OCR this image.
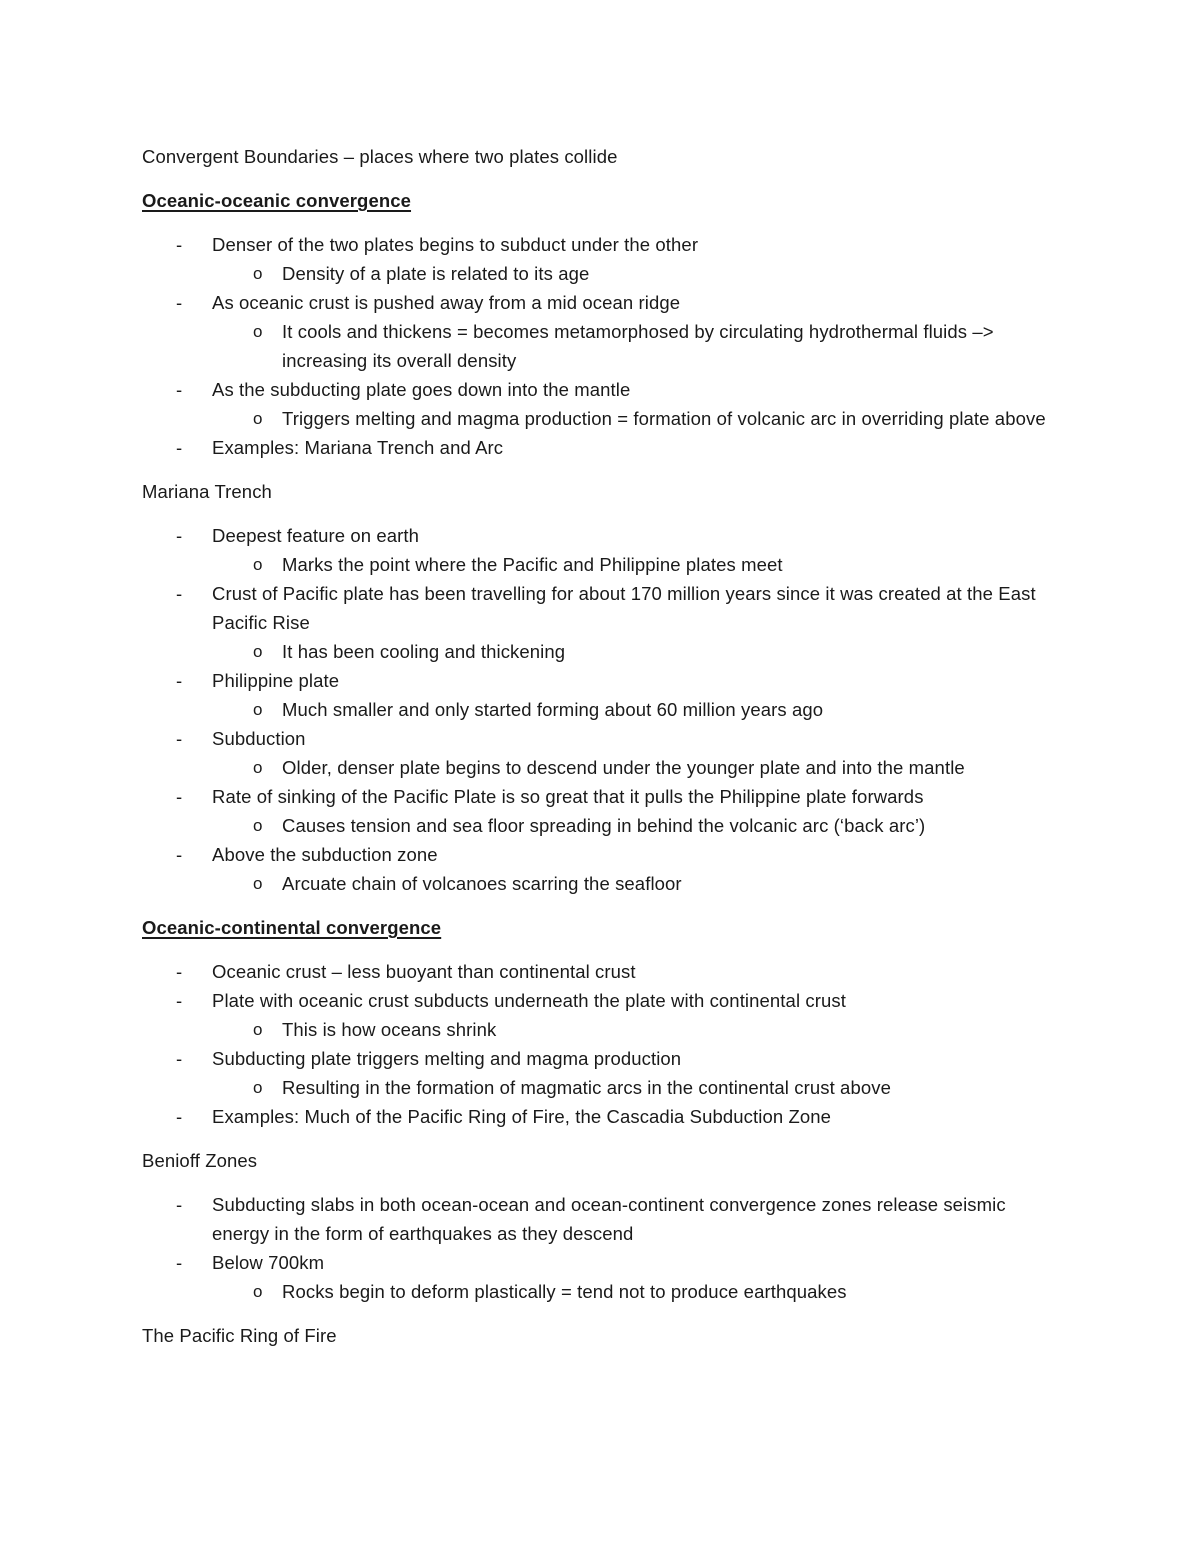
Convergent Boundaries – places where two plates collide

Oceanic-oceanic convergence

- Denser of the two plates begins to subduct under the other
o Density of a plate is related to its age
- As oceanic crust is pushed away from a mid ocean ridge
o It cools and thickens = becomes metamorphosed by circulating hydrothermal fluids –> increasing its overall density
- As the subducting plate goes down into the mantle
o Triggers melting and magma production = formation of volcanic arc in overriding plate above
- Examples: Mariana Trench and Arc

Mariana Trench

- Deepest feature on earth
o Marks the point where the Pacific and Philippine plates meet
- Crust of Pacific plate has been travelling for about 170 million years since it was created at the East Pacific Rise
o It has been cooling and thickening
- Philippine plate
o Much smaller and only started forming about 60 million years ago
- Subduction
o Older, denser plate begins to descend under the younger plate and into the mantle
- Rate of sinking of the Pacific Plate is so great that it pulls the Philippine plate forwards
o Causes tension and sea floor spreading in behind the volcanic arc (‘back arc’)
- Above the subduction zone
o Arcuate chain of volcanoes scarring the seafloor

Oceanic-continental convergence

- Oceanic crust – less buoyant than continental crust
- Plate with oceanic crust subducts underneath the plate with continental crust
o This is how oceans shrink
- Subducting plate triggers melting and magma production
o Resulting in the formation of magmatic arcs in the continental crust above
- Examples: Much of the Pacific Ring of Fire, the Cascadia Subduction Zone

Benioff Zones

- Subducting slabs in both ocean-ocean and ocean-continent convergence zones release seismic energy in the form of earthquakes as they descend
- Below 700km
o Rocks begin to deform plastically = tend not to produce earthquakes

The Pacific Ring of Fire
